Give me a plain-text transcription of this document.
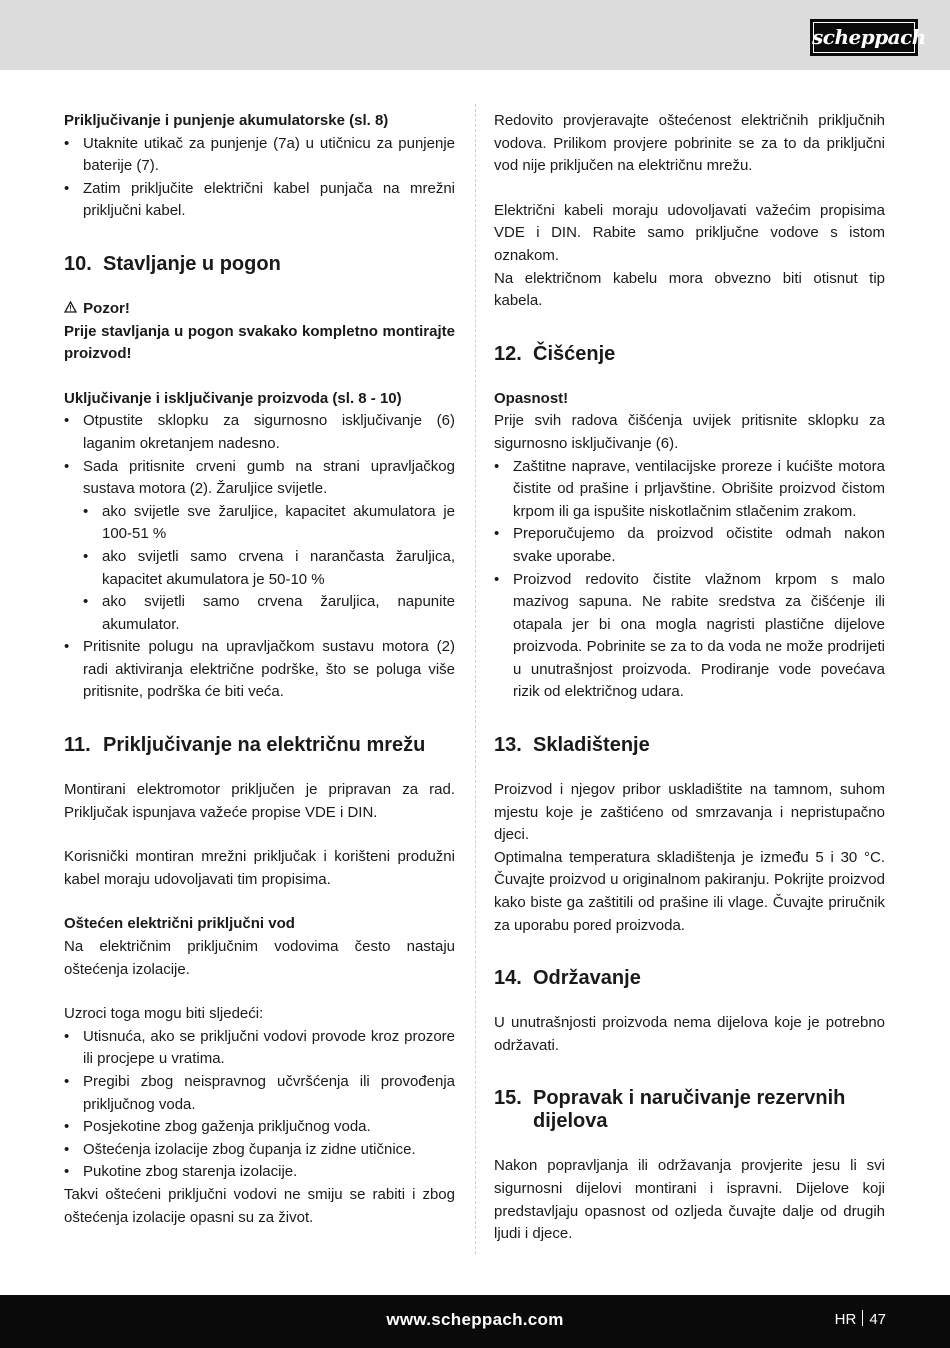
scheppach

Priključivanje i punjenje akumulatorske (sl. 8)

• Utaknite utikač za punjenje (7a) u utičnicu za punjenje baterije (7).
• Zatim priključite električni kabel punjača na mrežni priključni kabel.
10. Stavljanje u pogon

Pozor!

Prije stavljanja u pogon svakako kompletno montirajte proizvod!

Uključivanje i isključivanje proizvoda (sl. 8 - 10)

• Otpustite sklopku za sigurnosno isključivanje (6) laganim okretanjem nadesno.
• Sada pritisnite crveni gumb na strani upravljačkog sustava motora (2). Žaruljice svijetle.
• ako svijetle sve žaruljice, kapacitet akumulatora je 100-51 %
• ako svijetli samo crvena i narančasta žaruljica, kapacitet akumulatora je 50-10 %
• ako svijetli samo crvena žaruljica, napunite akumulator.
• Pritisnite polugu na upravljačkom sustavu motora (2) radi aktiviranja električne podrške, što se poluga više pritisnite, podrška će biti veća.
11. Priključivanje na električnu mrežu

Montirani elektromotor priključen je pripravan za rad. Priključak ispunjava važeće propise VDE i DIN.

Korisnički montiran mrežni priključak i korišteni produžni kabel moraju udovoljavati tim propisima.

Oštećen električni priključni vod

Na električnim priključnim vodovima često nastaju oštećenja izolacije.

Uzroci toga mogu biti sljedeći:

• Utisnuća, ako se priključni vodovi provode kroz prozore ili procjepe u vratima.
• Pregibi zbog neispravnog učvršćenja ili provođenja priključnog voda.
• Posjekotine zbog gaženja priključnog voda.
• Oštećenja izolacije zbog čupanja iz zidne utičnice.
• Pukotine zbog starenja izolacije.

Takvi oštećeni priključni vodovi ne smiju se rabiti i zbog oštećenja izolacije opasni su za život.

Redovito provjeravajte oštećenost električnih priključnih vodova. Prilikom provjere pobrinite se za to da priključni vod nije priključen na električnu mrežu.

Električni kabeli moraju udovoljavati važećim propisima VDE i DIN. Rabite samo priključne vodove s istom oznakom.

Na električnom kabelu mora obvezno biti otisnut tip kabela.

12. Čišćenje

Opasnost!

Prije svih radova čišćenja uvijek pritisnite sklopku za sigurnosno isključivanje (6).

• Zaštitne naprave, ventilacijske proreze i kućište motora čistite od prašine i prljavštine. Obrišite proizvod čistom krpom ili ga ispušite niskotlačnim stlačenim zrakom.
• Preporučujemo da proizvod očistite odmah nakon svake uporabe.
• Proizvod redovito čistite vlažnom krpom s malo mazivog sapuna. Ne rabite sredstva za čišćenje ili otapala jer bi ona mogla nagristi plastične dijelove proizvoda. Pobrinite se za to da voda ne može prodrijeti u unutrašnjost proizvoda. Prodiranje vode povećava rizik od električnog udara.
13. Skladištenje

Proizvod i njegov pribor uskladištite na tamnom, suhom mjestu koje je zaštićeno od smrzavanja i nepristupačno djeci.

Optimalna temperatura skladištenja je između 5 i 30 °C. Čuvajte proizvod u originalnom pakiranju. Pokrijte proizvod kako biste ga zaštitili od prašine ili vlage. Čuvajte priručnik za uporabu pored proizvoda.

14. Održavanje

U unutrašnjosti proizvoda nema dijelova koje je potrebno održavati.

15. Popravak i naručivanje rezervnih dijelova

Nakon popravljanja ili održavanja provjerite jesu li svi sigurnosni dijelovi montirani i ispravni. Dijelove koji predstavljaju opasnost od ozljeda čuvajte dalje od drugih ljudi i djece.

www.scheppach.com	HR 47
